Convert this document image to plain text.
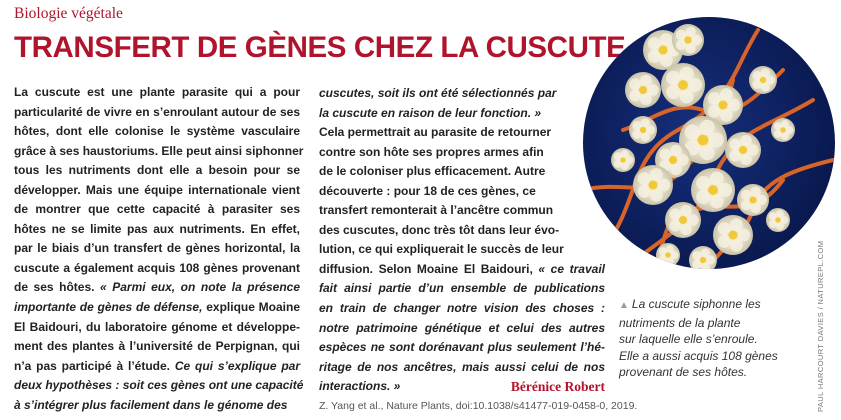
Biologie végétale
TRANSFERT DE GÈNES CHEZ LA CUSCUTE
La cuscute est une plante parasite qui a pour
particularité de vivre en s’enroulant autour de ses
hôtes, dont elle colonise le système vasculaire
grâce à ses haustoriums. Elle peut ainsi siphonner
tous les nutriments dont elle a besoin pour se
développer. Mais une équipe internationale vient
de montrer que cette capacité à parasiter ses
hôtes ne se limite pas aux nutriments. En effet,
par le biais d’un transfert de gènes horizontal, la
cuscute a également acquis 108 gènes provenant
de ses hôtes. « Parmi eux, on note la présence
importante de gènes de défense, explique Moaine
El Baidouri, du laboratoire génome et développe-
ment des plantes à l’université de Perpignan, qui
n’a pas participé à l’étude. Ce qui s’explique par
deux hypothèses : soit ces gènes ont une capacité
à s’intégrer plus facilement dans le génome des
cuscutes, soit ils ont été sélectionnés par
la cuscute en raison de leur fonction. »
Cela permettrait au parasite de retourner
contre son hôte ses propres armes afin
de le coloniser plus efficacement. Autre
découverte : pour 18 de ces gènes, ce
transfert remonterait à l’ancêtre commun
des cuscutes, donc très tôt dans leur évo-
lution, ce qui expliquerait le succès de leur
diffusion. Selon Moaine El Baidouri, « ce travail
fait ainsi partie d’un ensemble de publications
en train de changer notre vision des choses :
notre patrimoine génétique et celui des autres
espèces ne sont dorénavant plus seulement l’hé-
ritage de nos ancêtres, mais aussi celui de nos
Bérénice Robert
interactions. »
Z. Yang et al., Nature Plants, doi:10.1038/s41477-019-0458-0, 2019.
▲ La cuscute siphonne les
nutriments de la plante
sur laquelle elle s’enroule.
Elle a aussi acquis 108 gènes
provenant de ses hôtes.	PAUL HARCOURT DAVIES / NATUREPL.COM
